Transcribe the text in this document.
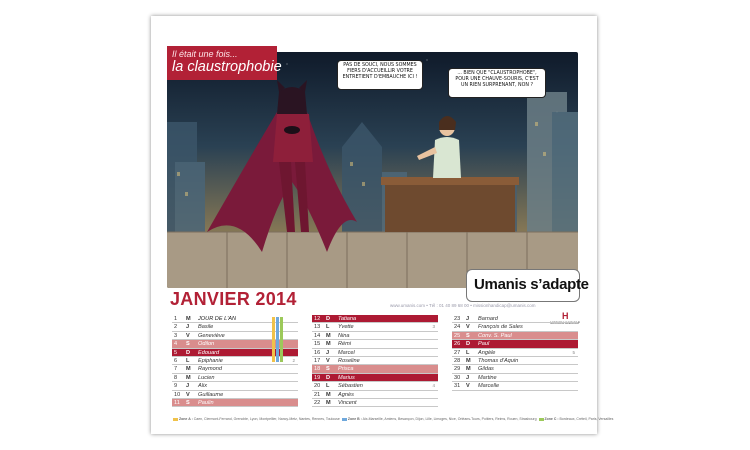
Il était une fois...
la claustrophobie	PAS DE SOUCI, NOUS SOMMES FIERS D'ACCUEILLIR VOTRE ENTRETIENT D'EMBAUCHE ICI !
... BIEN QUE "CLAUSTROPHOBE", POUR UNE CHAUVE-SOURIS, C'EST UN RIEN SURPRENANT, NON ?
Umanis s’adapte
JANVIER 2014	www.umanis.com • Tél : 01 40 89 68 00 • missionhandicap@umanis.com
H
MISSIONHANDICAP
1	M	JOUR DE L'AN
2	J	Basile
3	V	Geneviève
4	S	Odilon
5	D	Edouard
6	L	Epiphanie	2
7	M	Raymond
8	M	Lucien
9	J	Alix
10	V	Guillaume
11	S	Paulin
12	D	Tatiana
13	L	Yvette	3
14	M	Nina
15	M	Rémi
16	J	Marcel
17	V	Roseline
18	S	Prisca
19	D	Marius
20	L	Sébastien	4
21	M	Agnès
22	M	Vincent
23	J	Barnard
24	V	François de Sales
25	S	Conv. S. Paul
26	D	Paul
27	L	Angèle	5
28	M	Thomas d'Aquin
29	M	Gildas
30	J	Martine
31	V	Marcelle
Zone A : Caen, Clermont-Ferrand, Grenoble, Lyon, Montpellier, Nancy-Metz, Nantes, Rennes, Toulouse Zone B : Aix-Marseille, Amiens, Besançon, Dijon, Lille, Limoges, Nice, Orléans-Tours, Poitiers, Reims, Rouen, Strasbourg Zone C : Bordeaux, Créteil, Paris, Versailles
